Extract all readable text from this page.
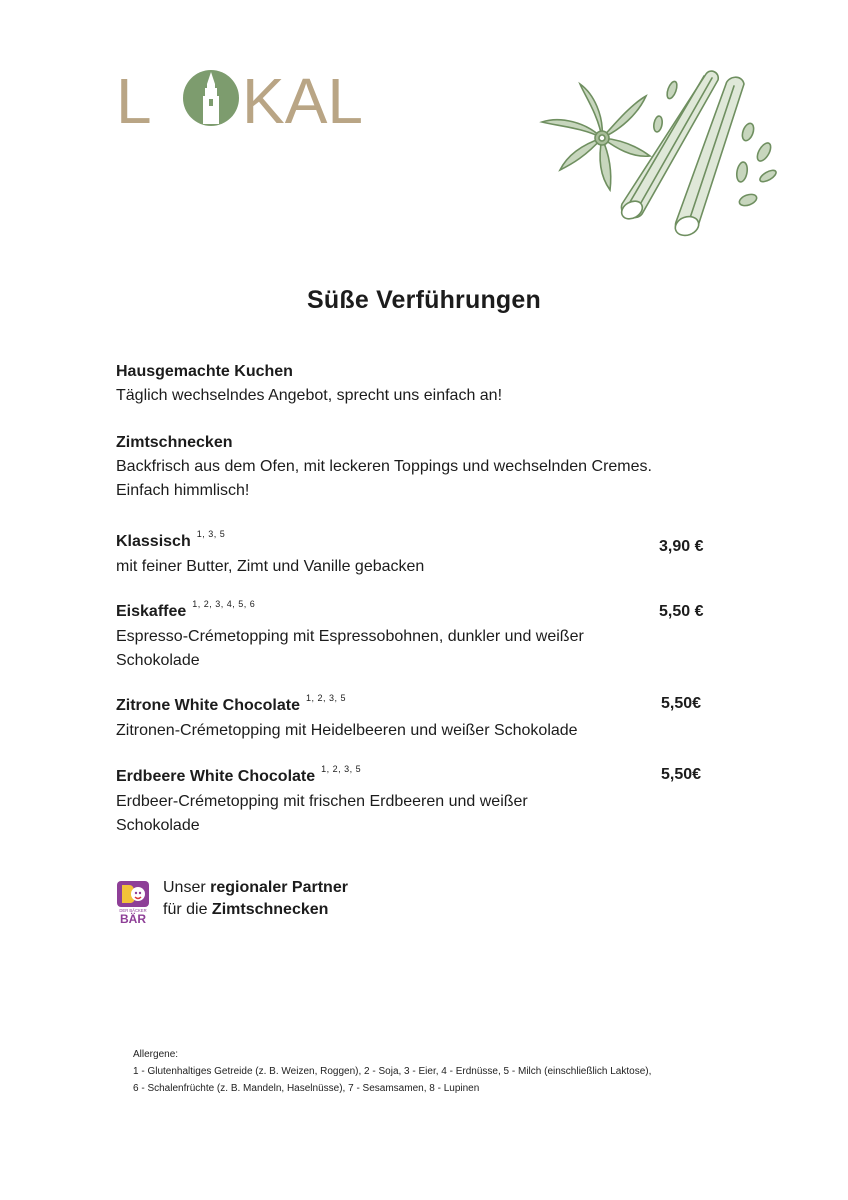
L KAL
Süße Verführungen
Hausgemachte Kuchen
Täglich wechselndes Angebot, sprecht uns einfach an!
Zimtschnecken
Backfrisch aus dem Ofen, mit leckeren Toppings und wechselnden Cremes.
Einfach himmlisch!
Klassisch $^{1, 3, 5}$
mit feiner Butter, Zimt und Vanille gebacken
3,90 €
Eiskaffee $^{1, 2, 3, 4, 5, 6}$
Espresso-Crémetopping mit Espressobohnen, dunkler und weißer
Schokolade
5,50 €
Zitrone White Chocolate $^{1, 2, 3, 5}$
Zitronen-Crémetopping mit Heidelbeeren und weißer Schokolade
5,50€
Erdbeere White Chocolate $^{1, 2, 3, 5}$
Erdbeer-Crémetopping mit frischen Erdbeeren und weißer
Schokolade
5,50€
DER BÄCKER
BÄR
Unser regionaler Partner
für die Zimtschnecken
Allergene:
1 - Glutenhaltiges Getreide (z. B. Weizen, Roggen), 2 - Soja, 3 - Eier, 4 - Erdnüsse, 5 - Milch (einschließlich Laktose),
6 - Schalenfrüchte (z. B. Mandeln, Haselnüsse), 7 - Sesamsamen, 8 - Lupinen
